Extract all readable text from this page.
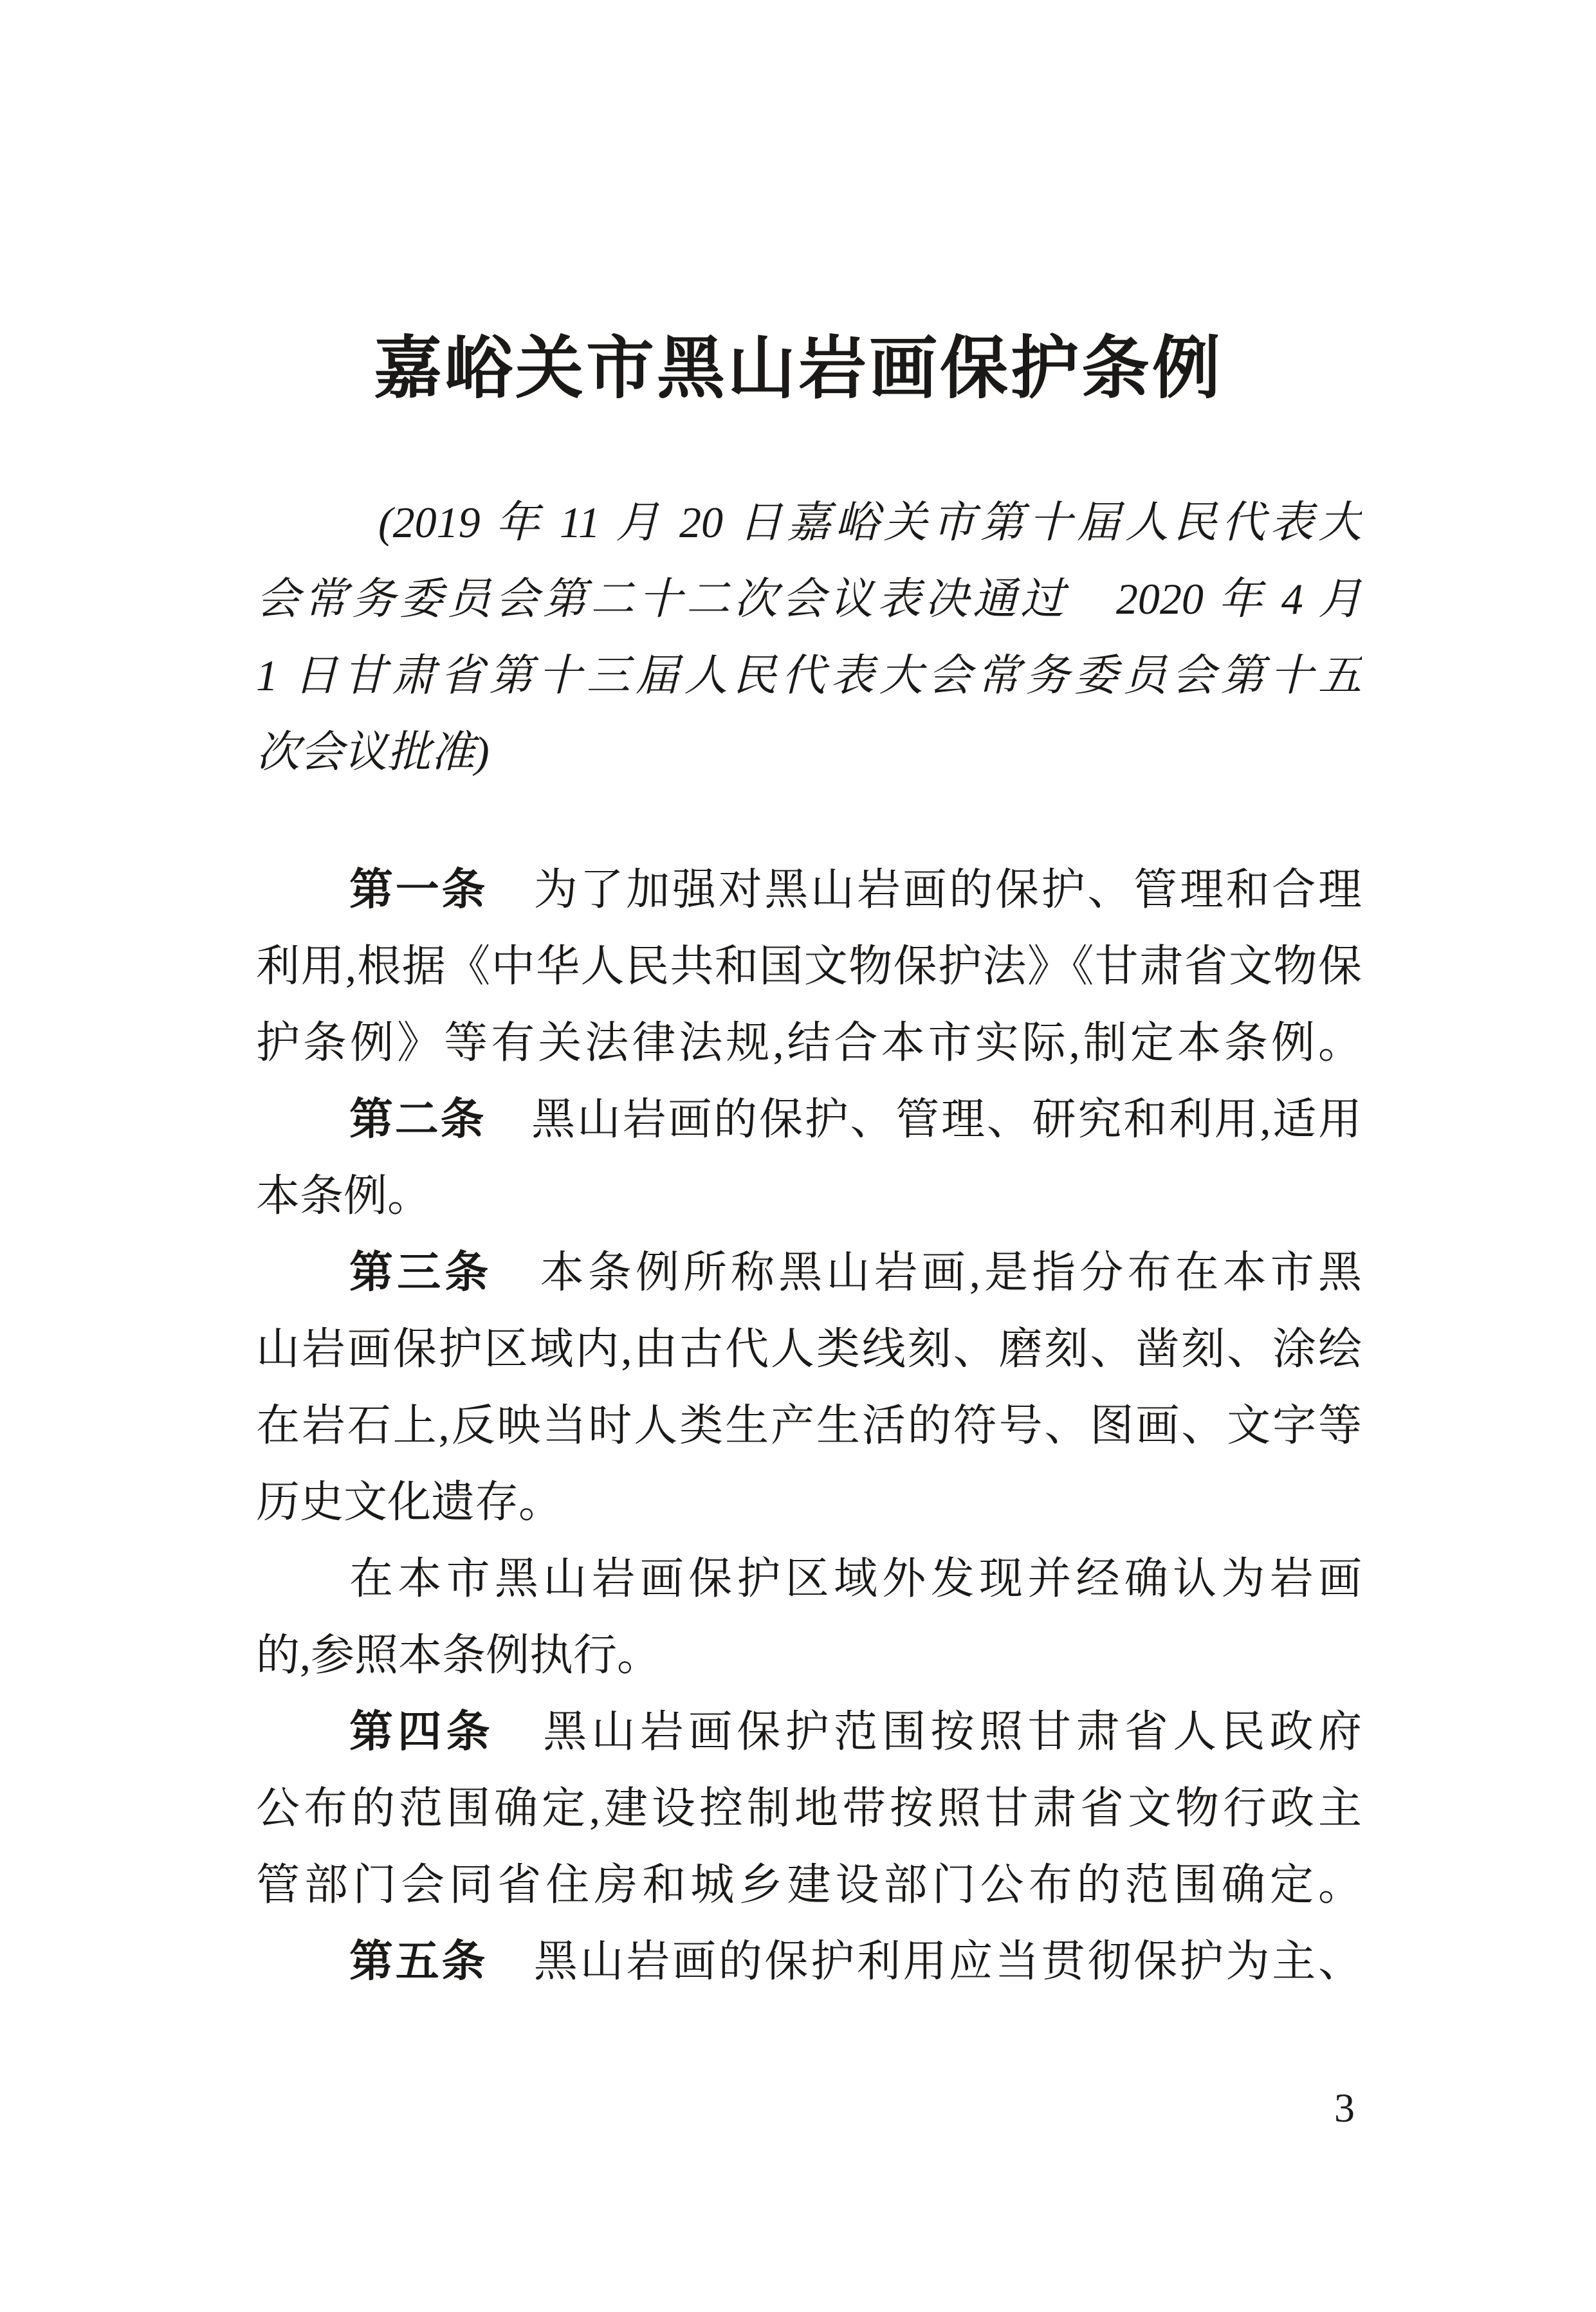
嘉峪关市黑山岩画保护条例
(2019 年 11 月 20 日嘉峪关市第十届人民代表大
会常务委员会第二十二次会议表决通过　2020 年 4 月
1 日甘肃省第十三届人民代表大会常务委员会第十五
次会议批准)
第一条　为了加强对黑山岩画的保护、管理和合理
利用,根据《中华人民共和国文物保护法》《甘肃省文物保
护条例》等有关法律法规,结合本市实际,制定本条例。
第二条　黑山岩画的保护、管理、研究和利用,适用
本条例。
第三条　本条例所称黑山岩画,是指分布在本市黑
山岩画保护区域内,由古代人类线刻、磨刻、凿刻、涂绘
在岩石上,反映当时人类生产生活的符号、图画、文字等
历史文化遗存。
在本市黑山岩画保护区域外发现并经确认为岩画
的,参照本条例执行。
第四条　黑山岩画保护范围按照甘肃省人民政府
公布的范围确定,建设控制地带按照甘肃省文物行政主
管部门会同省住房和城乡建设部门公布的范围确定。
第五条　黑山岩画的保护利用应当贯彻保护为主、
3
